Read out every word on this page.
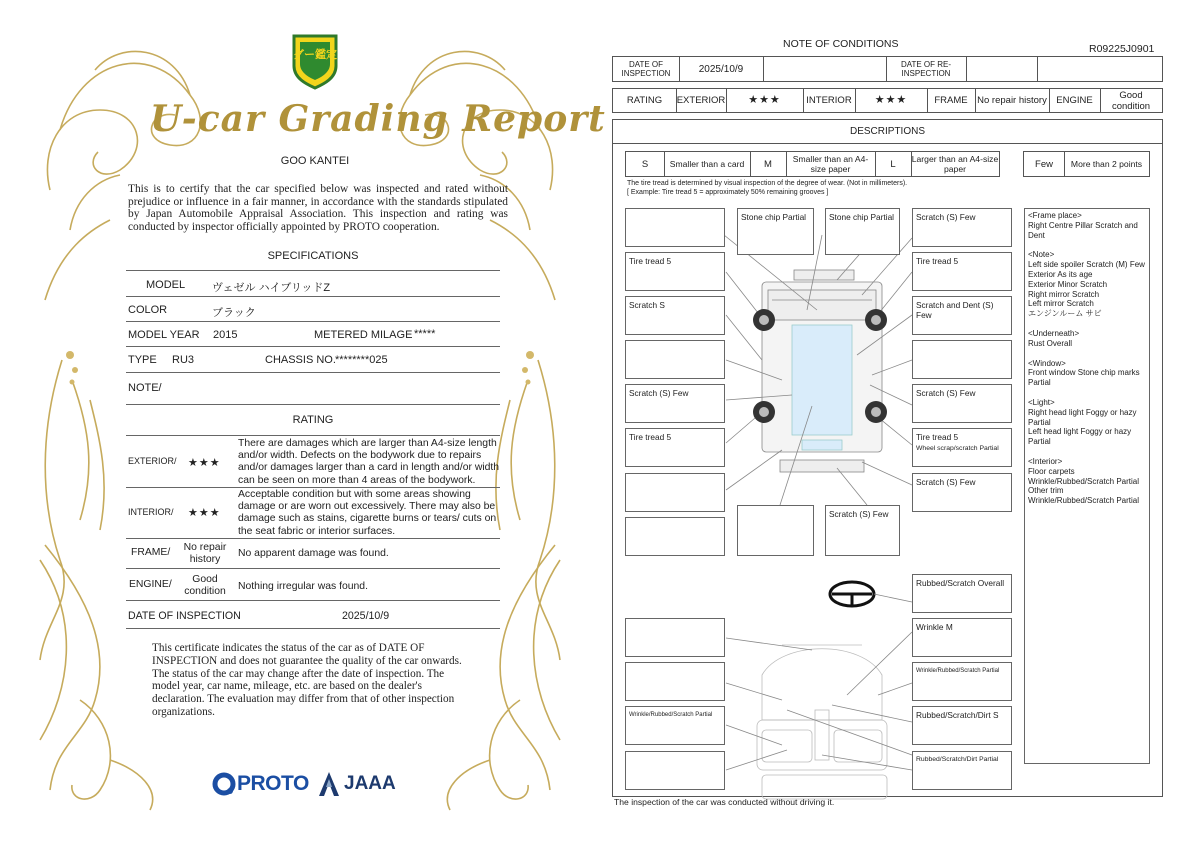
グー鑑定
U-car Grading Report
GOO KANTEI
This is to certify that the car specified below was inspected and rated without prejudice or influence in a fair manner, in accordance with the standards stipulated by Japan Automobile Appraisal Association. This inspection and rating was conducted by inspector officially appointed by PROTO cooperation.
SPECIFICATIONS
MODEL ヴェゼル ハイブリッドZ
COLOR	ブラック
MODEL YEAR 2015	METERED MILAGE *****
TYPE RU3	CHASSIS NO. ********025
NOTE/
RATING
EXTERIOR/ ★★★
There are damages which are larger than A4-size length and/or width. Defects on the bodywork due to repairs and/or damages larger than a card in length and/or width can be seen on more than 4 areas of the bodywork.
INTERIOR/ ★★★
Acceptable condition but with some areas showing damage or are worn out excessively. There may also be damage such as stains, cigarette burns or tears/ cuts on the seat fabric or interior surfaces.
FRAME/	No repair history
No apparent damage was found.
ENGINE/	Good condition	Nothing irregular was found.
DATE OF INSPECTION	2025/10/9
This certificate indicates the status of the car as of DATE OF INSPECTION and does not guarantee the quality of the car onwards. The status of the car may change after the date of inspection. The model year, car name, mileage, etc. are based on the dealer's declaration. The evaluation may differ from that of other inspection organizations.
PROTO JAAA
NOTE OF CONDITIONS	R09225J0901
DATE OF INSPECTION	2025/10/9	DATE OF RE-INSPECTION
RATING	EXTERIOR	★★★	INTERIOR	★★★	FRAME	No repair history ENGINE	Good condition
DESCRIPTIONS
S	Smaller than a card	M	Smaller than an A4-size paper	L	Larger than an A4-size paper	Few	More than 2 points
The tire tread is determined by visual inspection of the degree of wear. (Not in millimeters).
[ Example: Tire tread 5 = approximately 50% remaining grooves ]
Stone chip Partial	Stone chip Partial	Scratch (S) Few
Tire tread 5	Tire tread 5
Scratch S	Scratch and Dent (S) Few
Scratch (S) Few	Scratch (S) Few
Tire tread 5	Tire tread 5
Wheel scrap/scratch Partial
Scratch (S) Few
Scratch (S) Few
Rubbed/Scratch Overall
Wrinkle M
Wrinkle/Rubbed/Scratch Partial
Wrinkle/Rubbed/Scratch Partial	Rubbed/Scratch/Dirt S
Rubbed/Scratch/Dirt Partial

<Frame place>
Right Centre Pillar Scratch and Dent

<Note>
Left side spoiler Scratch (M) Few
Exterior As its age
Exterior Minor Scratch
Right mirror Scratch
Left mirror Scratch
エンジンルーム サビ

<Underneath>
Rust Overall

<Window>
Front window Stone chip marks Partial

<Light>
Right head light Foggy or hazy Partial
Left head light Foggy or hazy Partial

<Interior>
Floor carpets
Wrinkle/Rubbed/Scratch Partial
Other trim
Wrinkle/Rubbed/Scratch Partial

The inspection of the car was conducted without driving it.
